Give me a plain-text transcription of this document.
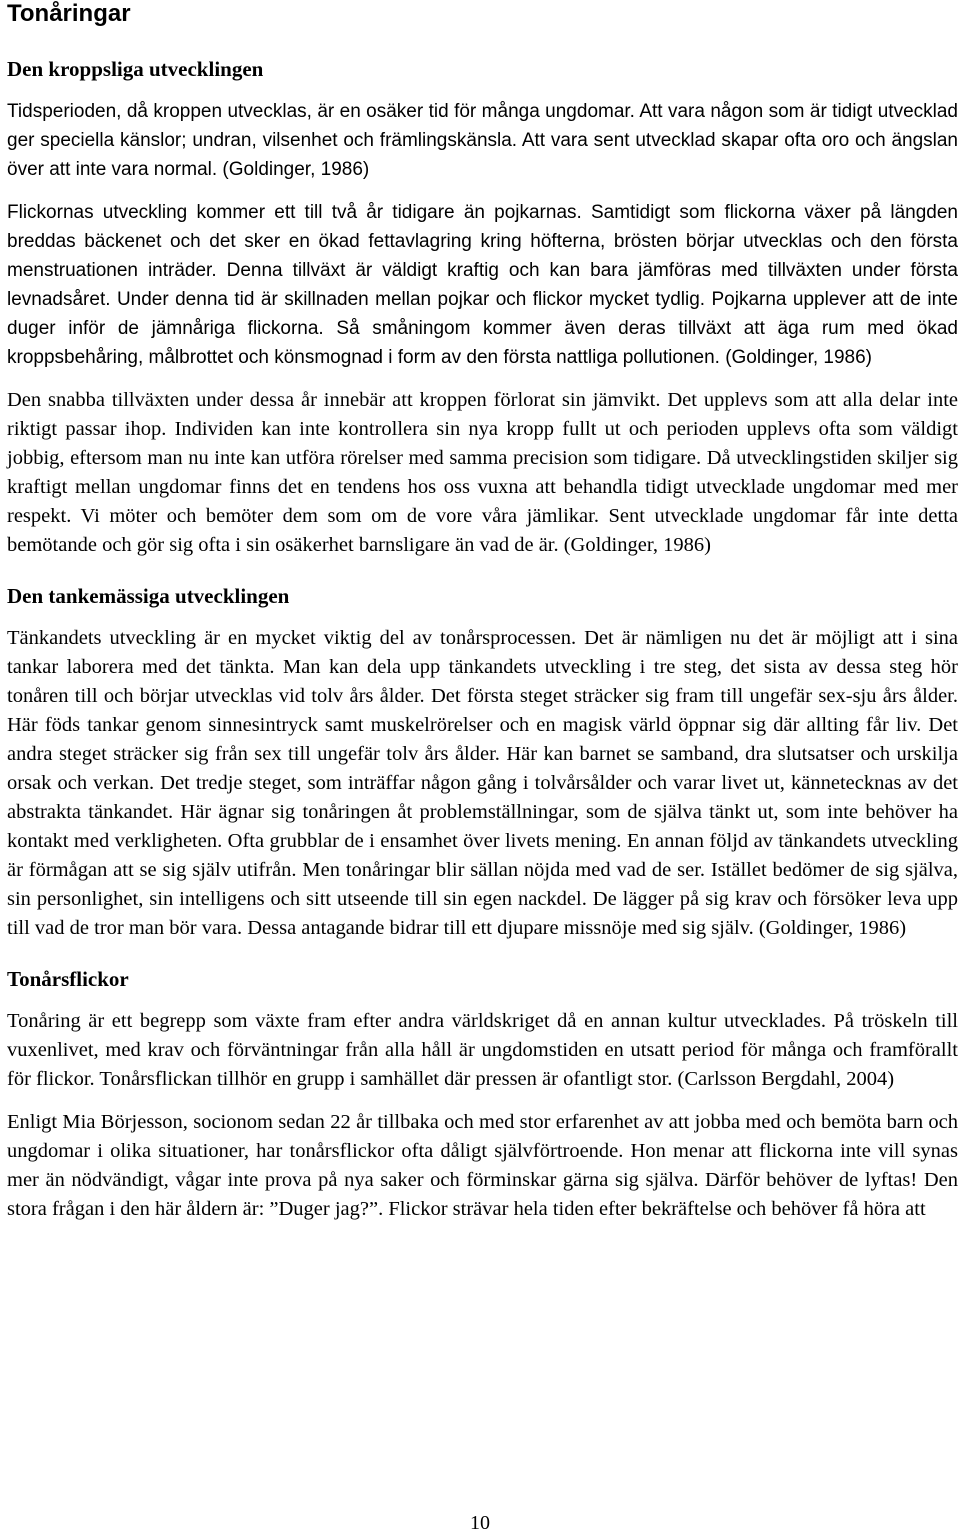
Tonåringar
Den kroppsliga utvecklingen

Tidsperioden, då kroppen utvecklas, är en osäker tid för många ungdomar. Att vara någon som är tidigt utvecklad ger speciella känslor; undran, vilsenhet och främlingskänsla. Att vara sent utvecklad skapar ofta oro och ängslan över att inte vara normal. (Goldinger, 1986)

Flickornas utveckling kommer ett till två år tidigare än pojkarnas. Samtidigt som flickorna växer på längden breddas bäckenet och det sker en ökad fettavlagring kring höfterna, brösten börjar utvecklas och den första menstruationen inträder. Denna tillväxt är väldigt kraftig och kan bara jämföras med tillväxten under första levnadsåret. Under denna tid är skillnaden mellan pojkar och flickor mycket tydlig. Pojkarna upplever att de inte duger inför de jämnåriga flickorna. Så småningom kommer även deras tillväxt att äga rum med ökad kroppsbehåring, målbrottet och könsmognad i form av den första nattliga pollutionen. (Goldinger, 1986)

Den snabba tillväxten under dessa år innebär att kroppen förlorat sin jämvikt. Det upplevs som att alla delar inte riktigt passar ihop. Individen kan inte kontrollera sin nya kropp fullt ut och perioden upplevs ofta som väldigt jobbig, eftersom man nu inte kan utföra rörelser med samma precision som tidigare. Då utvecklingstiden skiljer sig kraftigt mellan ungdomar finns det en tendens hos oss vuxna att behandla tidigt utvecklade ungdomar med mer respekt. Vi möter och bemöter dem som om de vore våra jämlikar. Sent utvecklade ungdomar får inte detta bemötande och gör sig ofta i sin osäkerhet barnsligare än vad de är. (Goldinger, 1986)

Den tankemässiga utvecklingen

Tänkandets utveckling är en mycket viktig del av tonårsprocessen. Det är nämligen nu det är möjligt att i sina tankar laborera med det tänkta. Man kan dela upp tänkandets utveckling i tre steg, det sista av dessa steg hör tonåren till och börjar utvecklas vid tolv års ålder. Det första steget sträcker sig fram till ungefär sex-sju års ålder. Här föds tankar genom sinnesintryck samt muskelrörelser och en magisk värld öppnar sig där allting får liv. Det andra steget sträcker sig från sex till ungefär tolv års ålder. Här kan barnet se samband, dra slutsatser och urskilja orsak och verkan. Det tredje steget, som inträffar någon gång i tolvårsålder och varar livet ut, kännetecknas av det abstrakta tänkandet. Här ägnar sig tonåringen åt problemställningar, som de själva tänkt ut, som inte behöver ha kontakt med verkligheten. Ofta grubblar de i ensamhet över livets mening. En annan följd av tänkandets utveckling är förmågan att se sig själv utifrån. Men tonåringar blir sällan nöjda med vad de ser. Istället bedömer de sig själva, sin personlighet, sin intelligens och sitt utseende till sin egen nackdel. De lägger på sig krav och försöker leva upp till vad de tror man bör vara. Dessa antagande bidrar till ett djupare missnöje med sig själv. (Goldinger, 1986)

Tonårsflickor

Tonåring är ett begrepp som växte fram efter andra världskriget då en annan kultur utvecklades. På tröskeln till vuxenlivet, med krav och förväntningar från alla håll är ungdomstiden en utsatt period för många och framförallt för flickor. Tonårsflickan tillhör en grupp i samhället där pressen är ofantligt stor. (Carlsson Bergdahl, 2004)

Enligt Mia Börjesson, socionom sedan 22 år tillbaka och med stor erfarenhet av att jobba med och bemöta barn och ungdomar i olika situationer, har tonårsflickor ofta dåligt självförtroende. Hon menar att flickorna inte vill synas mer än nödvändigt, vågar inte prova på nya saker och förminskar gärna sig själva. Därför behöver de lyftas! Den stora frågan i den här åldern är: ”Duger jag?”. Flickor strävar hela tiden efter bekräftelse och behöver få höra att

10
